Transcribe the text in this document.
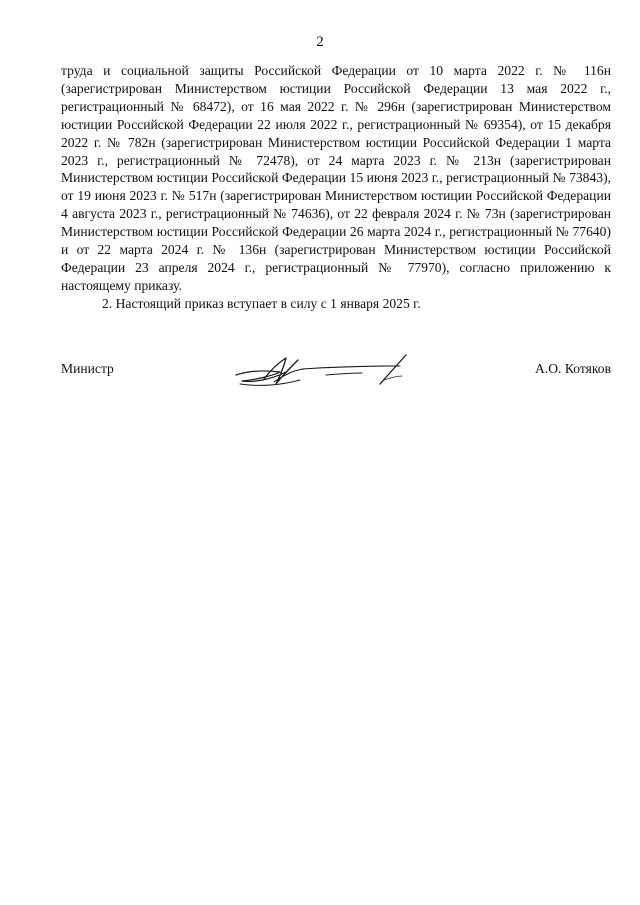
2

труда и социальной защиты Российской Федерации от 10 марта 2022 г. № 116н (зарегистрирован Министерством юстиции Российской Федерации 13 мая 2022 г., регистрационный № 68472), от 16 мая 2022 г. № 296н (зарегистрирован Министерством юстиции Российской Федерации 22 июля 2022 г., регистрационный № 69354), от 15 декабря 2022 г. № 782н (зарегистрирован Министерством юстиции Российской Федерации 1 марта 2023 г., регистрационный № 72478), от 24 марта 2023 г. № 213н (зарегистрирован Министерством юстиции Российской Федерации 15 июня 2023 г., регистрационный № 73843), от 19 июня 2023 г. № 517н (зарегистрирован Министерством юстиции Российской Федерации 4 августа 2023 г., регистрационный № 74636), от 22 февраля 2024 г. № 73н (зарегистрирован Министерством юстиции Российской Федерации 26 марта 2024 г., регистрационный № 77640) и от 22 марта 2024 г. № 136н (зарегистрирован Министерством юстиции Российской Федерации 23 апреля 2024 г., регистрационный № 77970), согласно приложению к настоящему приказу.

2. Настоящий приказ вступает в силу с 1 января 2025 г.

Министр	А.О. Котяков
